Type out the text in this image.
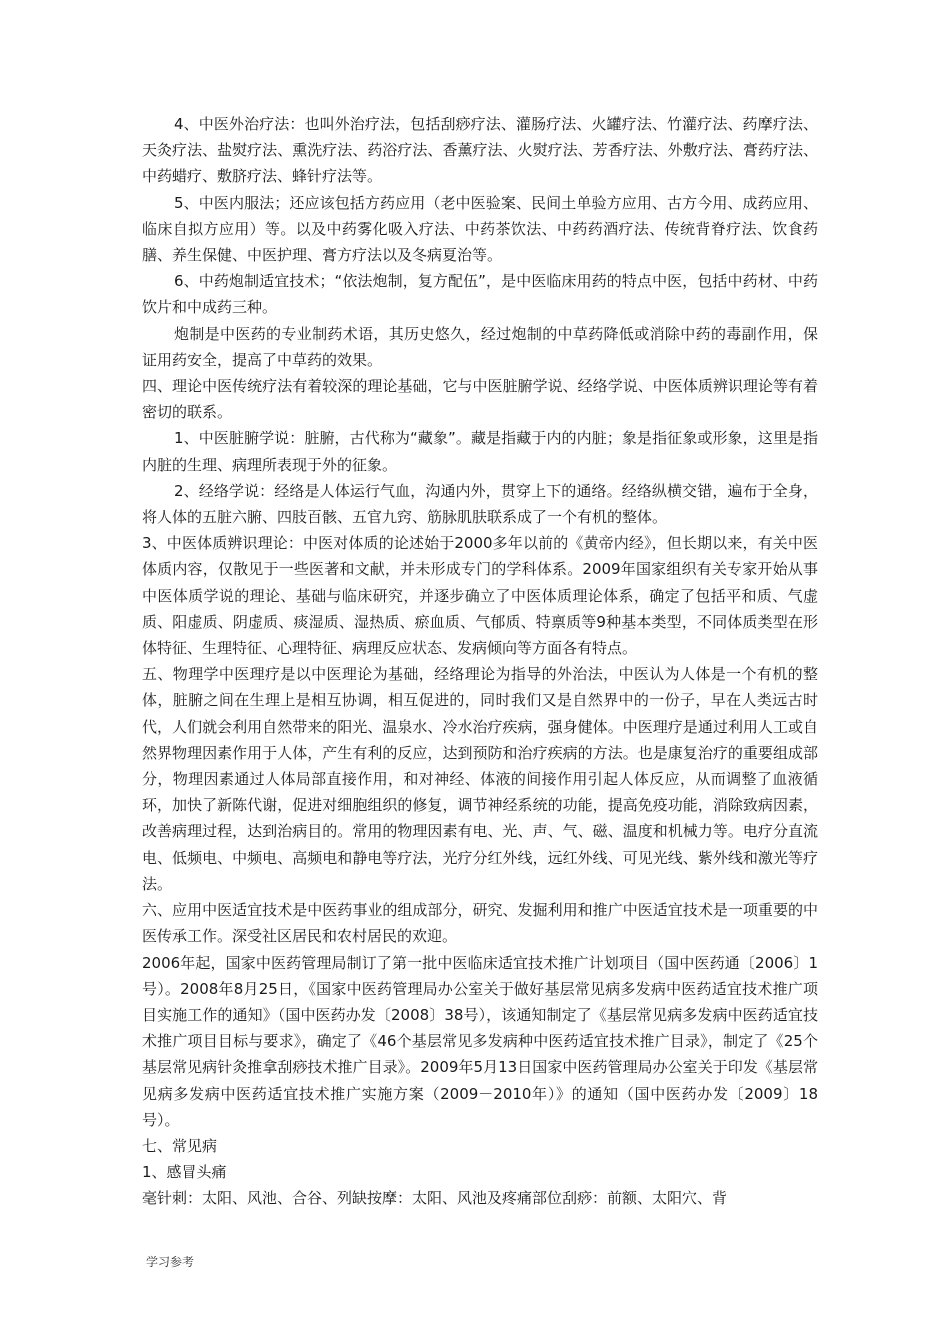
4、中医外治疗法：也叫外治疗法，包括刮痧疗法、灌肠疗法、火罐疗法、竹灌疗法、药摩疗法、天灸疗法、盐熨疗法、熏洗疗法、药浴疗法、香薰疗法、火熨疗法、芳香疗法、外敷疗法、膏药疗法、中药蜡疗、敷脐疗法、蜂针疗法等。

5、中医内服法；还应该包括方药应用（老中医验案、民间土单验方应用、古方今用、成药应用、临床自拟方应用）等。以及中药雾化吸入疗法、中药茶饮法、中药药酒疗法、传统背脊疗法、饮食药膳、养生保健、中医护理、膏方疗法以及冬病夏治等。

6、中药炮制适宜技术；“依法炮制，复方配伍”，是中医临床用药的特点中医，包括中药材、中药饮片和中成药三种。

炮制是中医药的专业制药术语，其历史悠久，经过炮制的中草药降低或消除中药的毒副作用，保证用药安全，提高了中草药的效果。

四、理论中医传统疗法有着较深的理论基础，它与中医脏腑学说、经络学说、中医体质辨识理论等有着密切的联系。

1、中医脏腑学说：脏腑，古代称为“藏象”。藏是指藏于内的内脏；象是指征象或形象，这里是指内脏的生理、病理所表现于外的征象。

2、经络学说：经络是人体运行气血，沟通内外，贯穿上下的通络。经络纵横交错，遍布于全身，将人体的五脏六腑、四肢百骸、五官九窍、筋脉肌肤联系成了一个有机的整体。

3、中医体质辨识理论：中医对体质的论述始于2000多年以前的《黄帝内经》，但长期以来，有关中医体质内容，仅散见于一些医著和文献，并未形成专门的学科体系。2009年国家组织有关专家开始从事中医体质学说的理论、基础与临床研究，并逐步确立了中医体质理论体系，确定了包括平和质、气虚质、阳虚质、阴虚质、痰湿质、湿热质、瘀血质、气郁质、特禀质等9种基本类型，不同体质类型在形体特征、生理特征、心理特征、病理反应状态、发病倾向等方面各有特点。

五、物理学中医理疗是以中医理论为基础，经络理论为指导的外治法，中医认为人体是一个有机的整体，脏腑之间在生理上是相互协调，相互促进的，同时我们又是自然界中的一份子，早在人类远古时代，人们就会利用自然带来的阳光、温泉水、冷水治疗疾病，强身健体。中医理疗是通过利用人工或自然界物理因素作用于人体，产生有利的反应，达到预防和治疗疾病的方法。也是康复治疗的重要组成部分，物理因素通过人体局部直接作用，和对神经、体液的间接作用引起人体反应，从而调整了血液循环，加快了新陈代谢，促进对细胞组织的修复，调节神经系统的功能，提高免疫功能，消除致病因素，改善病理过程，达到治病目的。常用的物理因素有电、光、声、气、磁、温度和机械力等。电疗分直流电、低频电、中频电、高频电和静电等疗法，光疗分红外线，远红外线、可见光线、紫外线和激光等疗法。

六、应用中医适宜技术是中医药事业的组成部分，研究、发掘利用和推广中医适宜技术是一项重要的中医传承工作。深受社区居民和农村居民的欢迎。

2006年起，国家中医药管理局制订了第一批中医临床适宜技术推广计划项目（国中医药通〔2006〕1号）。2008年8月25日，《国家中医药管理局办公室关于做好基层常见病多发病中医药适宜技术推广项目实施工作的通知》（国中医药办发〔2008〕38号），该通知制定了《基层常见病多发病中医药适宜技术推广项目目标与要求》，确定了《46个基层常见多发病种中医药适宜技术推广目录》，制定了《25个基层常见病针灸推拿刮痧技术推广目录》。2009年5月13日国家中医药管理局办公室关于印发《基层常见病多发病中医药适宜技术推广实施方案（2009－2010年）》的通知（国中医药办发〔2009〕18号）。

七、常见病

1、感冒头痛

毫针刺：太阳、风池、合谷、列缺按摩：太阳、风池及疼痛部位刮痧：前额、太阳穴、背

学习参考
